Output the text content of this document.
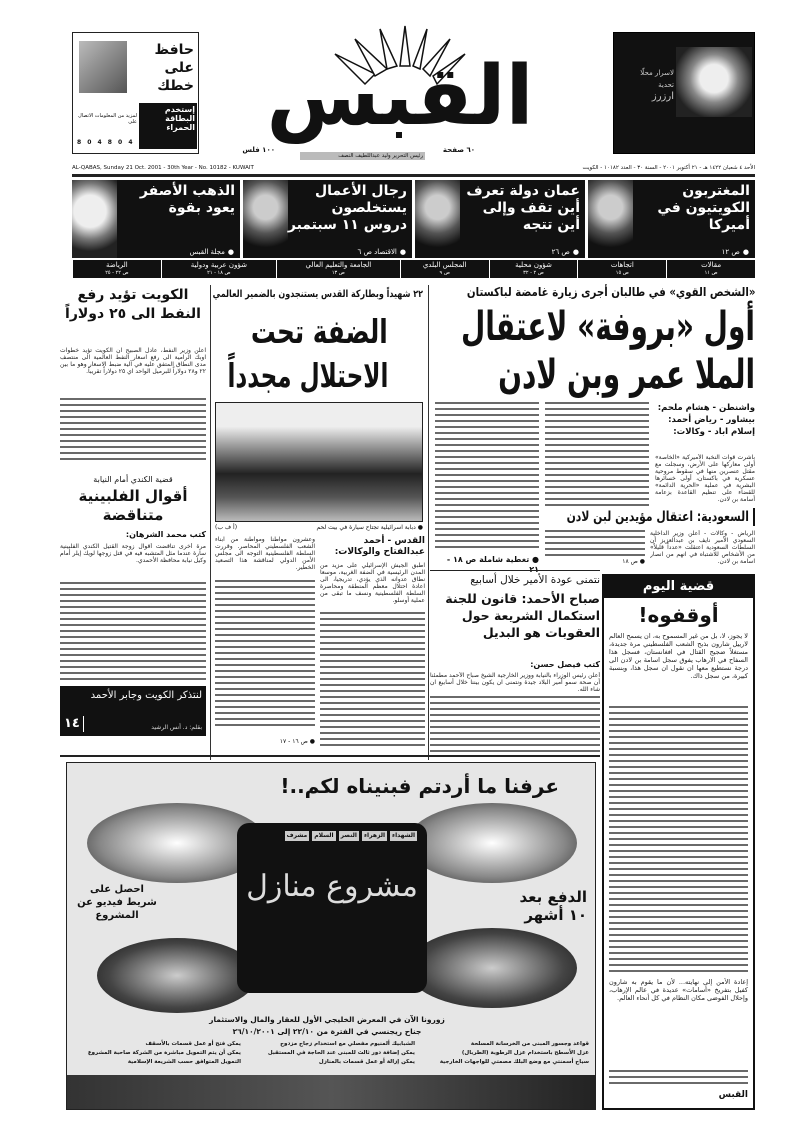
حافظ على خطك
إستخدم البطاقة الحمراء
لمزيد من المعلومات الاتصال على
8 0 4 8 0 4	القبس
١٠٠ فلس	٦٠ صفحة
رئيس التحرير وليد عبداللطيف النصف
لاسرار محلّا
تحدية
ارزرز
AL-QABAS, Sunday 21 Oct. 2001 - 30th Year - No. 10182 - KUWAIT	الأحد ٤ شعبان ١٤٢٢ هـ - ٢١ أكتوبر ٢٠٠١ - السنة ٣٠ - العدد ١٠١٨٢ - الكويت
المغتربون الكويتيون في أميركا
● ص ١٢
عمان دولة تعرف أين تقف وإلى أين تتجه
● ص ٢٦
رجال الأعمال يستخلصون دروس ١١ سبتمبر
● الاقتصاد ص ٦
الذهب الأصفر يعود بقوة
● مجلة القبس
مقالات
ص ١١
اتجاهات
ص ١٥
شؤون محلية
ص ٢ - ٣٢
المجلس البلدي
ص ٩
الجامعة والتعليم العالي
ص ١٣
شؤون عربية ودولية
ص ١٨ - ٢١
الرياضة
ص ٢٢ - ٢٥
«الشخص القوي» في طالبان أجرى زيارة غامضة لباكستان
أول «بروفة» لاعتقال
الملا عمر وبن لادن
واشنطن - هشام ملحم: بيشاور - رياض أحمد: إسلام اباد - وكالات:
باشرت قوات النخبة الأميركية «الخاصة» أولى معاركها على الأرض، وسجلت مع مقتل عنصرين منها في سقوط مروحية عسكرية في باكستان، أولى خسائرها البشرية في عملية «الحرية الدائمة» للقضاء على تنظيم القاعدة بزعامة أسامة بن لادن.
● تغطية شاملة ص ١٨ -
السعودية: اعتقال مؤيدين لبن لادن
الرياض - وكالات - أعلن وزير الداخلية السعودي الأمير نايف بن عبدالعزيز أن السلطات السعودية اعتقلت «عدداً قليلاً» من الأشخاص للاشتباه في انهم من انصار اسامة بن لادن.
● ص ١٨
٢٢ شهيداً وبطاركة القدس يستنجدون بالضمير العالمي
الضفة تحت
الاحتلال مجدداً
● دبابة اسرائيلية تجتاح سيارة في بيت لحم
(أ ف ب)
القدس - أحمد عبدالفتاح والوكالات:
اطبق الجيش الإسرائيلي على مزيد من المدن الرئيسية في الضفة الغربية، موسعا نطاق عدوانه الذي يؤدي، تدريجيا، الى اعادة احتلال معظم المنطقة ومحاصرة السلطة الفلسطينية ونسف ما تبقى من عملية أوسلو.
وعشرون مواطنا ومواطنة من ابناء الشعب الفلسطيني المحاصر. وقررت السلطة الفلسطينية التوجه الى مجلس الأمن الدولي لمناقشة هذا التصعيد الخطير.
● ص ١٦ - ١٧
الكويت تؤيد رفع النفط الى ٢٥ دولاراً
اعلن وزير النفط، عادل الصبيح ان الكويت تؤيد خطوات اوبك الرامية الى رفع اسعار النفط العالمية الى منتصف مدى النطاق المتفق عليه في آلية ضبط الاسعار وهو ما بين ٢٢ و٢٨ دولاراً للبرميل الواحد اي ٢٥ دولاراً تقريباً.
قضية الكندي أمام النيابة
أقوال الفلبينية متناقضة
كتب محمد الشرهان:
مرة أخرى تناقضت أقوال زوجة القتيل الكندي الفلبينية سارة عندما مثل المتشبه فيه في قتل زوجها لويك إيلر أمام وكيل نيابة محافظة الأحمدي.
لنتذكر الكويت وجابر الأحمد
بقلم: د. أنس الرشيد
١٤
نتمنى عودة الأمير خلال أسابيع
صباح الأحمد: قانون للجنة استكمال الشريعة حول العقوبات هو البديل
كتب فيصل حسن:
أعلن رئيس الوزراء بالنيابة ووزير الخارجية الشيخ صباح الأحمد مطمئناً أن صحة سمو أمير البلاد جيدة ونتمنى ان يكون بيننا خلال أسابيع ان شاء الله.
قضية اليوم
أوقفوه!
لا يجوز، لا، بل من غير المسموح به، ان يسمح العالم لارييل شارون بذبح الشعب الفلسطيني مرة جديدة، مستغلاً ضجيج القتال في افغانستان، فسجل هذا السفاح في الارهاب يفوق سجل اسامة بن لادن الى درجة نستطيع معها ان نقول ان سجل هذا، وبنسبة كبيرة، من سجل ذاك.
إعادة الأمن إلى نهايته... لأن ما يقوم به شارون كفيل بتفريخ «أسامات» عديدة في عالم الإرهاب، وإحلال الفوضى مكان النظام في كل أنحاء العالم.
القبس
عرفنا ما أردتم فبنيناه لكم..!
الشهداء
الزهراء
النصر
السلام
مشرف
مشروع منازل	الدفع بعد ١٠ أشهر
احصل على شريط فيديو عن المشروع
زورونا الآن في المعرض الخليجي الأول للعقار والمال والاستثمار
جناح ريجنسي في الفترة من ٢٢/١٠ إلى ٢٦/١٠/٢٠٠١
قواعد وجسور المبنى من الخرسانة المسلحة
الشبابيك ألمنيوم مفصلي مع استخدام زجاج مزدوج
يمكن فتح أو عمل قسمات بالأسقف
عزل الأسطح باستخدام عزل الرطوبة (الطربال)
يمكن إضافة دور ثالث للمبنى عند الحاجة في المستقبل
يمكن أن يتم التمويل مباشرة من الشركة صاحبة المشروع
سياج أسمنتي مع وضع البلك مصمتي للواجهات الخارجية
يمكن إزالة أو عمل قسمات بالمنازل
التمويل المتوافق حسب الشريعة الإسلامية
